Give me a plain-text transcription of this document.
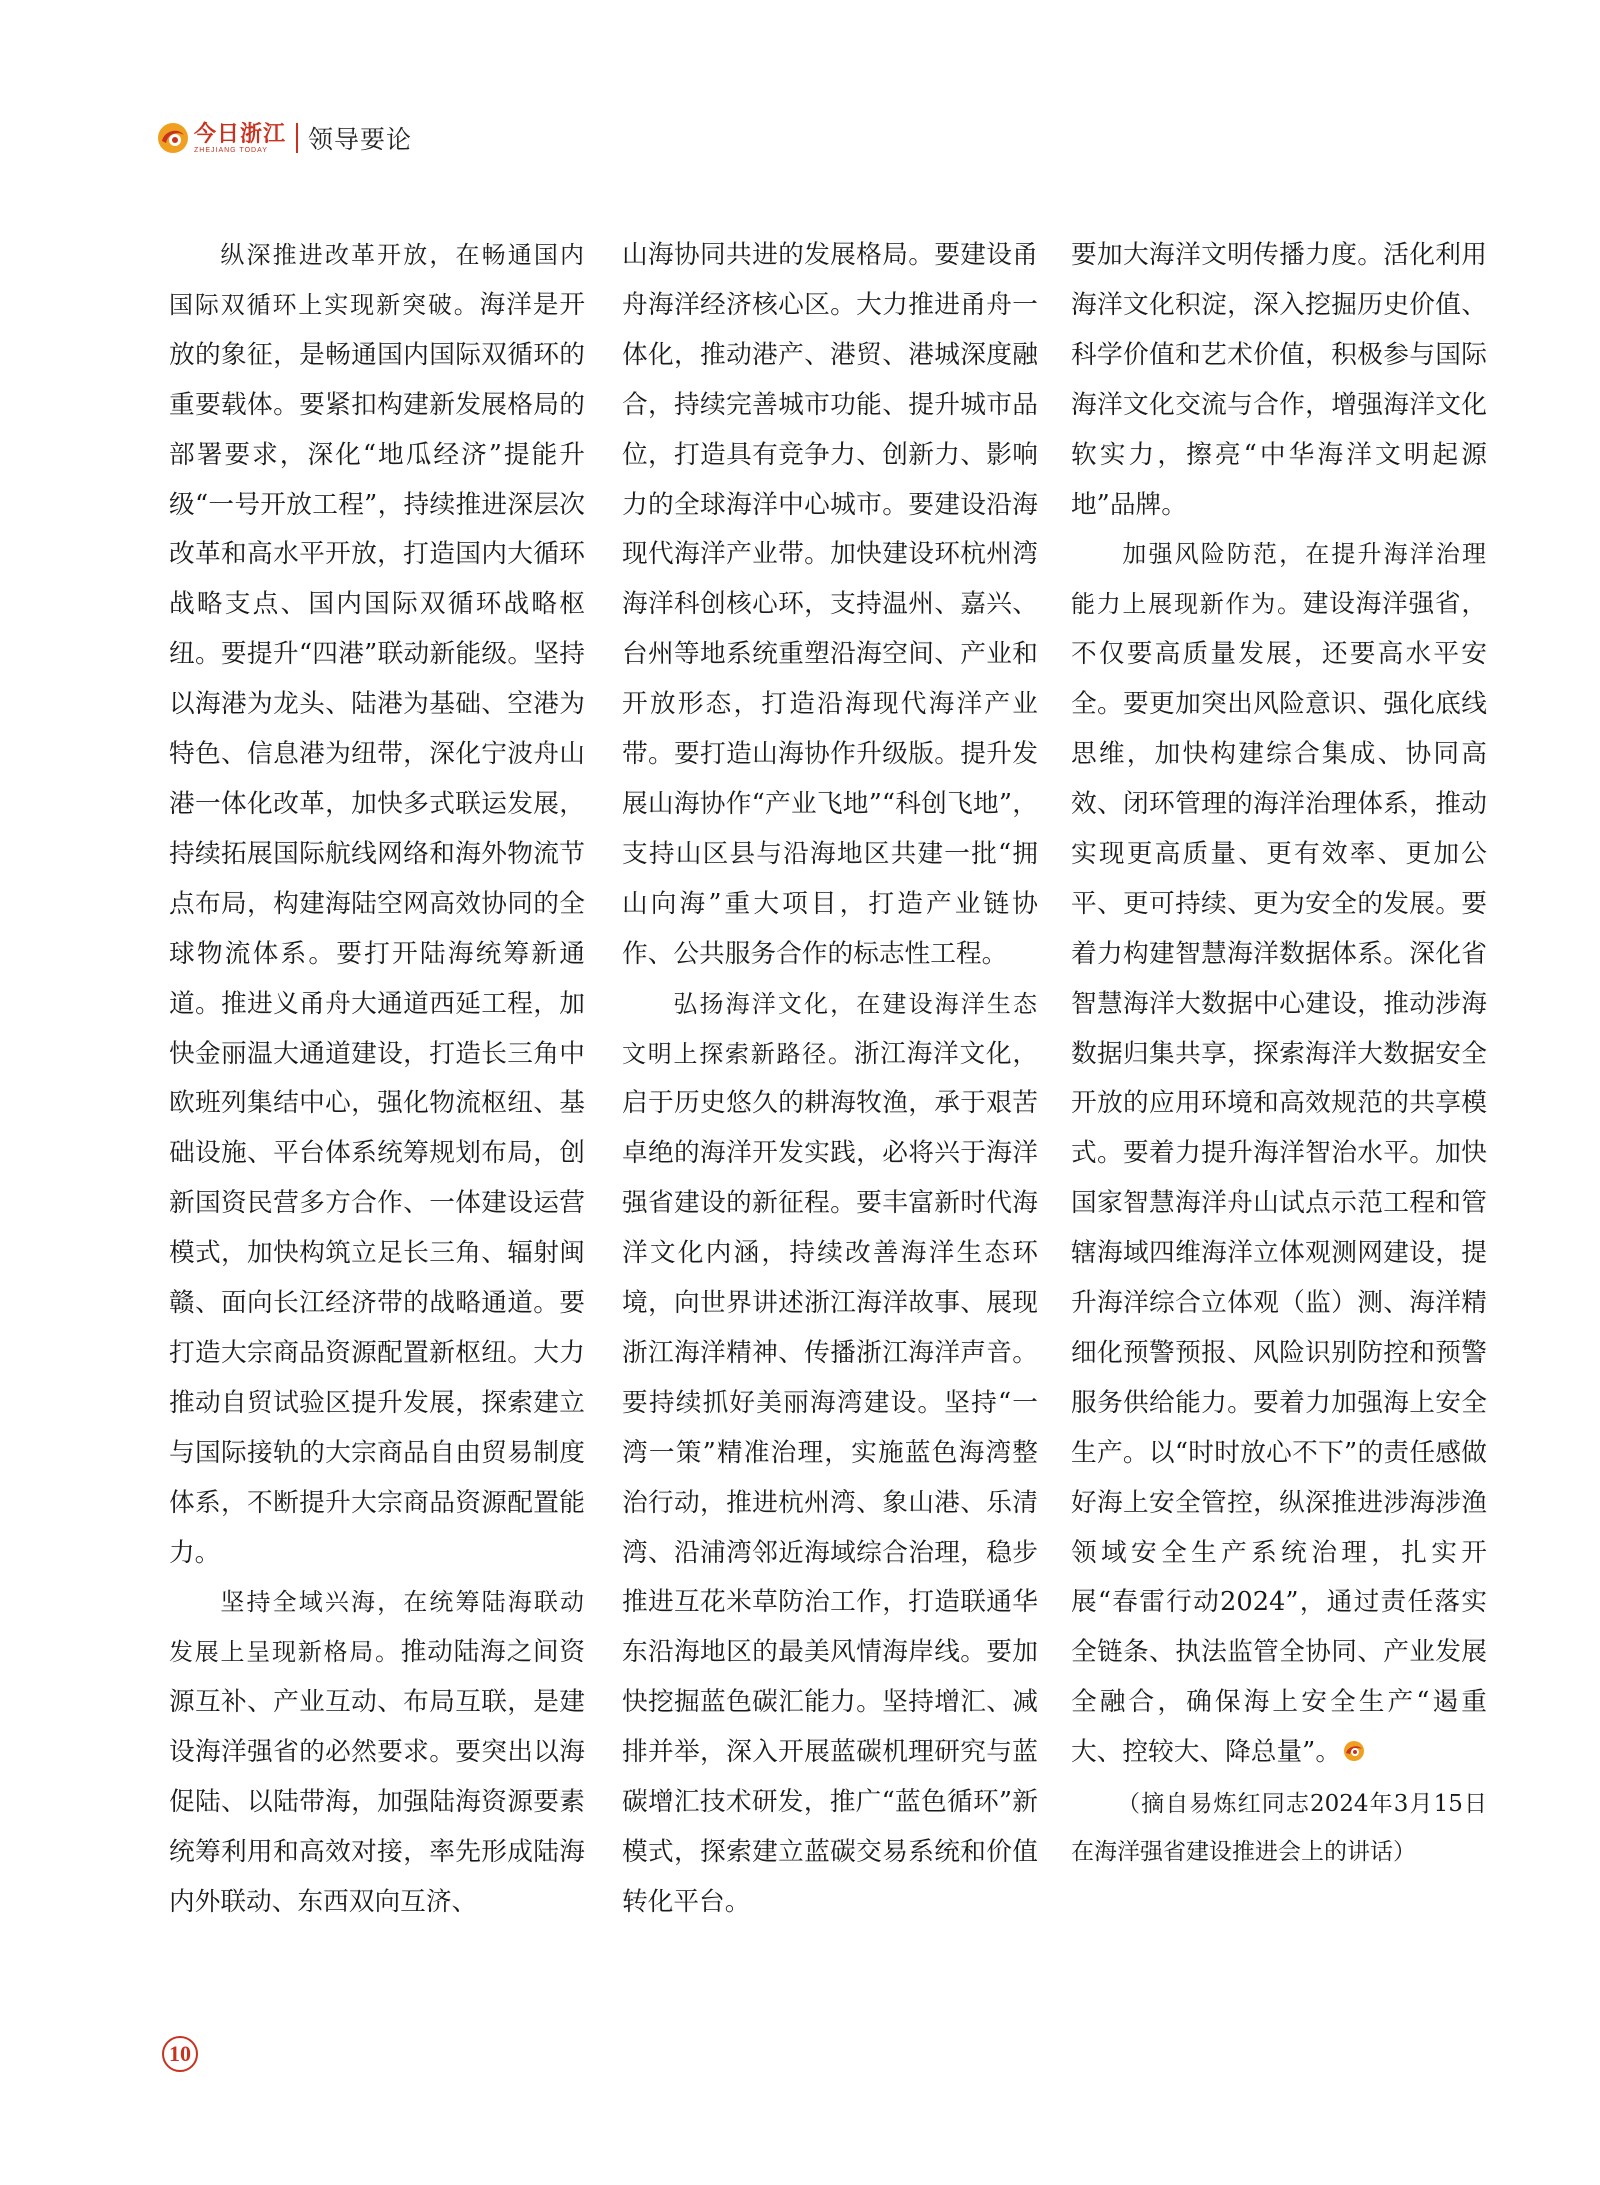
今日浙江
ZHEJIANG TODAY	领导要论

纵深推进改革开放，在畅通国内国际双循环上实现新突破。海洋是开放的象征，是畅通国内国际双循环的重要载体。要紧扣构建新发展格局的部署要求，深化“地瓜经济”提能升级“一号开放工程”，持续推进深层次改革和高水平开放，打造国内大循环战略支点、国内国际双循环战略枢纽。要提升“四港”联动新能级。坚持以海港为龙头、陆港为基础、空港为特色、信息港为纽带，深化宁波舟山港一体化改革，加快多式联运发展，持续拓展国际航线网络和海外物流节点布局，构建海陆空网高效协同的全球物流体系。要打开陆海统筹新通道。推进义甬舟大通道西延工程，加快金丽温大通道建设，打造长三角中欧班列集结中心，强化物流枢纽、基础设施、平台体系统筹规划布局，创新国资民营多方合作、一体建设运营模式，加快构筑立足长三角、辐射闽赣、面向长江经济带的战略通道。要打造大宗商品资源配置新枢纽。大力推动自贸试验区提升发展，探索建立与国际接轨的大宗商品自由贸易制度体系，不断提升大宗商品资源配置能力。

坚持全域兴海，在统筹陆海联动发展上呈现新格局。推动陆海之间资源互补、产业互动、布局互联，是建设海洋强省的必然要求。要突出以海促陆、以陆带海，加强陆海资源要素统筹利用和高效对接，率先形成陆海内外联动、东西双向互济、

山海协同共进的发展格局。要建设甬舟海洋经济核心区。大力推进甬舟一体化，推动港产、港贸、港城深度融合，持续完善城市功能、提升城市品位，打造具有竞争力、创新力、影响力的全球海洋中心城市。要建设沿海现代海洋产业带。加快建设环杭州湾海洋科创核心环，支持温州、嘉兴、台州等地系统重塑沿海空间、产业和开放形态，打造沿海现代海洋产业带。要打造山海协作升级版。提升发展山海协作“产业飞地”“科创飞地”，支持山区县与沿海地区共建一批“拥山向海”重大项目，打造产业链协作、公共服务合作的标志性工程。

弘扬海洋文化，在建设海洋生态文明上探索新路径。浙江海洋文化，启于历史悠久的耕海牧渔，承于艰苦卓绝的海洋开发实践，必将兴于海洋强省建设的新征程。要丰富新时代海洋文化内涵，持续改善海洋生态环境，向世界讲述浙江海洋故事、展现浙江海洋精神、传播浙江海洋声音。要持续抓好美丽海湾建设。坚持“一湾一策”精准治理，实施蓝色海湾整治行动，推进杭州湾、象山港、乐清湾、沿浦湾邻近海域综合治理，稳步推进互花米草防治工作，打造联通华东沿海地区的最美风情海岸线。要加快挖掘蓝色碳汇能力。坚持增汇、减排并举，深入开展蓝碳机理研究与蓝碳增汇技术研发，推广“蓝色循环”新模式，探索建立蓝碳交易系统和价值转化平台。

要加大海洋文明传播力度。活化利用海洋文化积淀，深入挖掘历史价值、科学价值和艺术价值，积极参与国际海洋文化交流与合作，增强海洋文化软实力，擦亮“中华海洋文明起源地”品牌。

加强风险防范，在提升海洋治理能力上展现新作为。建设海洋强省，不仅要高质量发展，还要高水平安全。要更加突出风险意识、强化底线思维，加快构建综合集成、协同高效、闭环管理的海洋治理体系，推动实现更高质量、更有效率、更加公平、更可持续、更为安全的发展。要着力构建智慧海洋数据体系。深化省智慧海洋大数据中心建设，推动涉海数据归集共享，探索海洋大数据安全开放的应用环境和高效规范的共享模式。要着力提升海洋智治水平。加快国家智慧海洋舟山试点示范工程和管辖海域四维海洋立体观测网建设，提升海洋综合立体观（监）测、海洋精细化预警预报、风险识别防控和预警服务供给能力。要着力加强海上安全生产。以“时时放心不下”的责任感做好海上安全管控，纵深推进涉海涉渔领域安全生产系统治理，扎实开展“春雷行动2024”，通过责任落实全链条、执法监管全协同、产业发展全融合，确保海上安全生产“遏重大、控较大、降总量”。

（摘自易炼红同志2024年3月15日在海洋强省建设推进会上的讲话）

10
